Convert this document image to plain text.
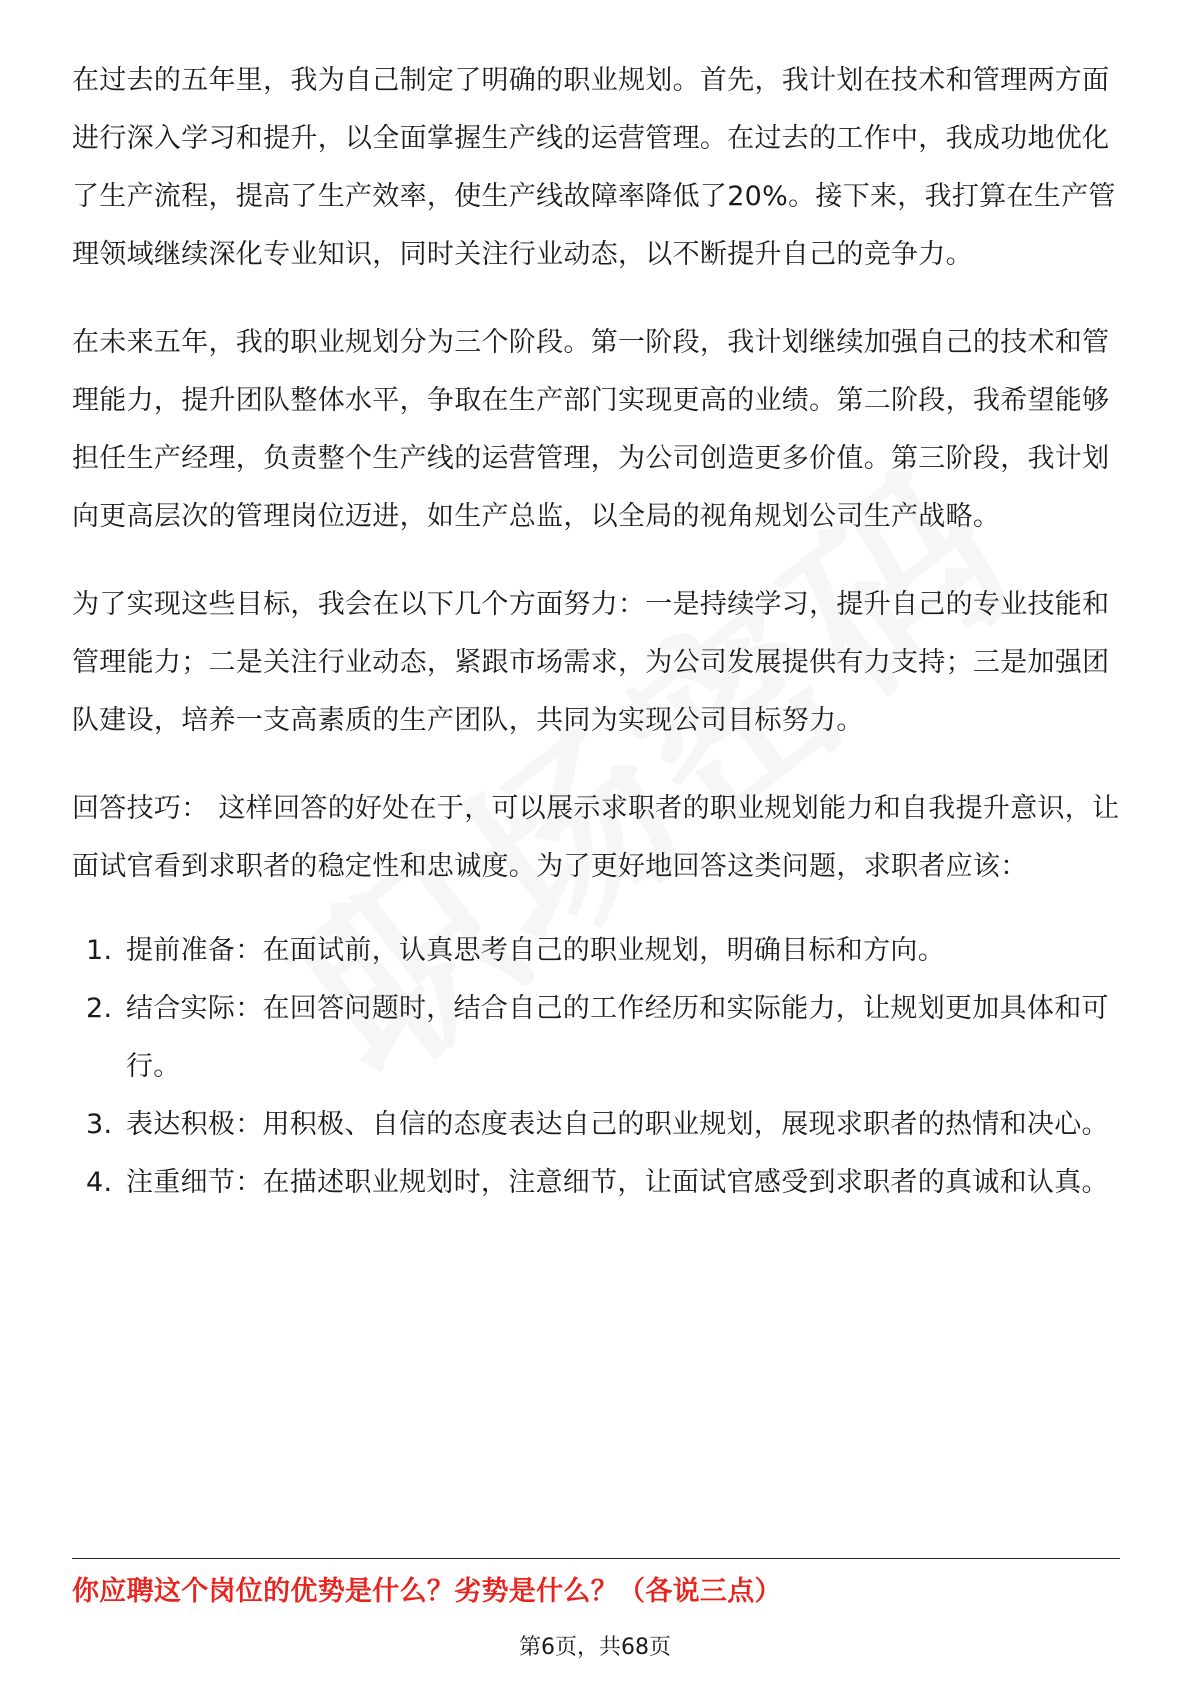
在过去的五年里，我为自己制定了明确的职业规划。首先，我计划在技术和管理两方面进行深入学习和提升，以全面掌握生产线的运营管理。在过去的工作中，我成功地优化了生产流程，提高了生产效率，使生产线故障率降低了20%。接下来，我打算在生产管理领域继续深化专业知识，同时关注行业动态，以不断提升自己的竞争力。

在未来五年，我的职业规划分为三个阶段。第一阶段，我计划继续加强自己的技术和管理能力，提升团队整体水平，争取在生产部门实现更高的业绩。第二阶段，我希望能够担任生产经理，负责整个生产线的运营管理，为公司创造更多价值。第三阶段，我计划向更高层次的管理岗位迈进，如生产总监，以全局的视角规划公司生产战略。

为了实现这些目标，我会在以下几个方面努力：一是持续学习，提升自己的专业技能和管理能力；二是关注行业动态，紧跟市场需求，为公司发展提供有力支持；三是加强团队建设，培养一支高素质的生产团队，共同为实现公司目标努力。

回答技巧： 这样回答的好处在于，可以展示求职者的职业规划能力和自我提升意识，让面试官看到求职者的稳定性和忠诚度。为了更好地回答这类问题，求职者应该：

1. 提前准备：在面试前，认真思考自己的职业规划，明确目标和方向。
2. 结合实际：在回答问题时，结合自己的工作经历和实际能力，让规划更加具体和可行。
3. 表达积极：用积极、自信的态度表达自己的职业规划，展现求职者的热情和决心。
4. 注重细节：在描述职业规划时，注意细节，让面试官感受到求职者的真诚和认真。
你应聘这个岗位的优势是什么？劣势是什么？（各说三点）
第6页，共68页
